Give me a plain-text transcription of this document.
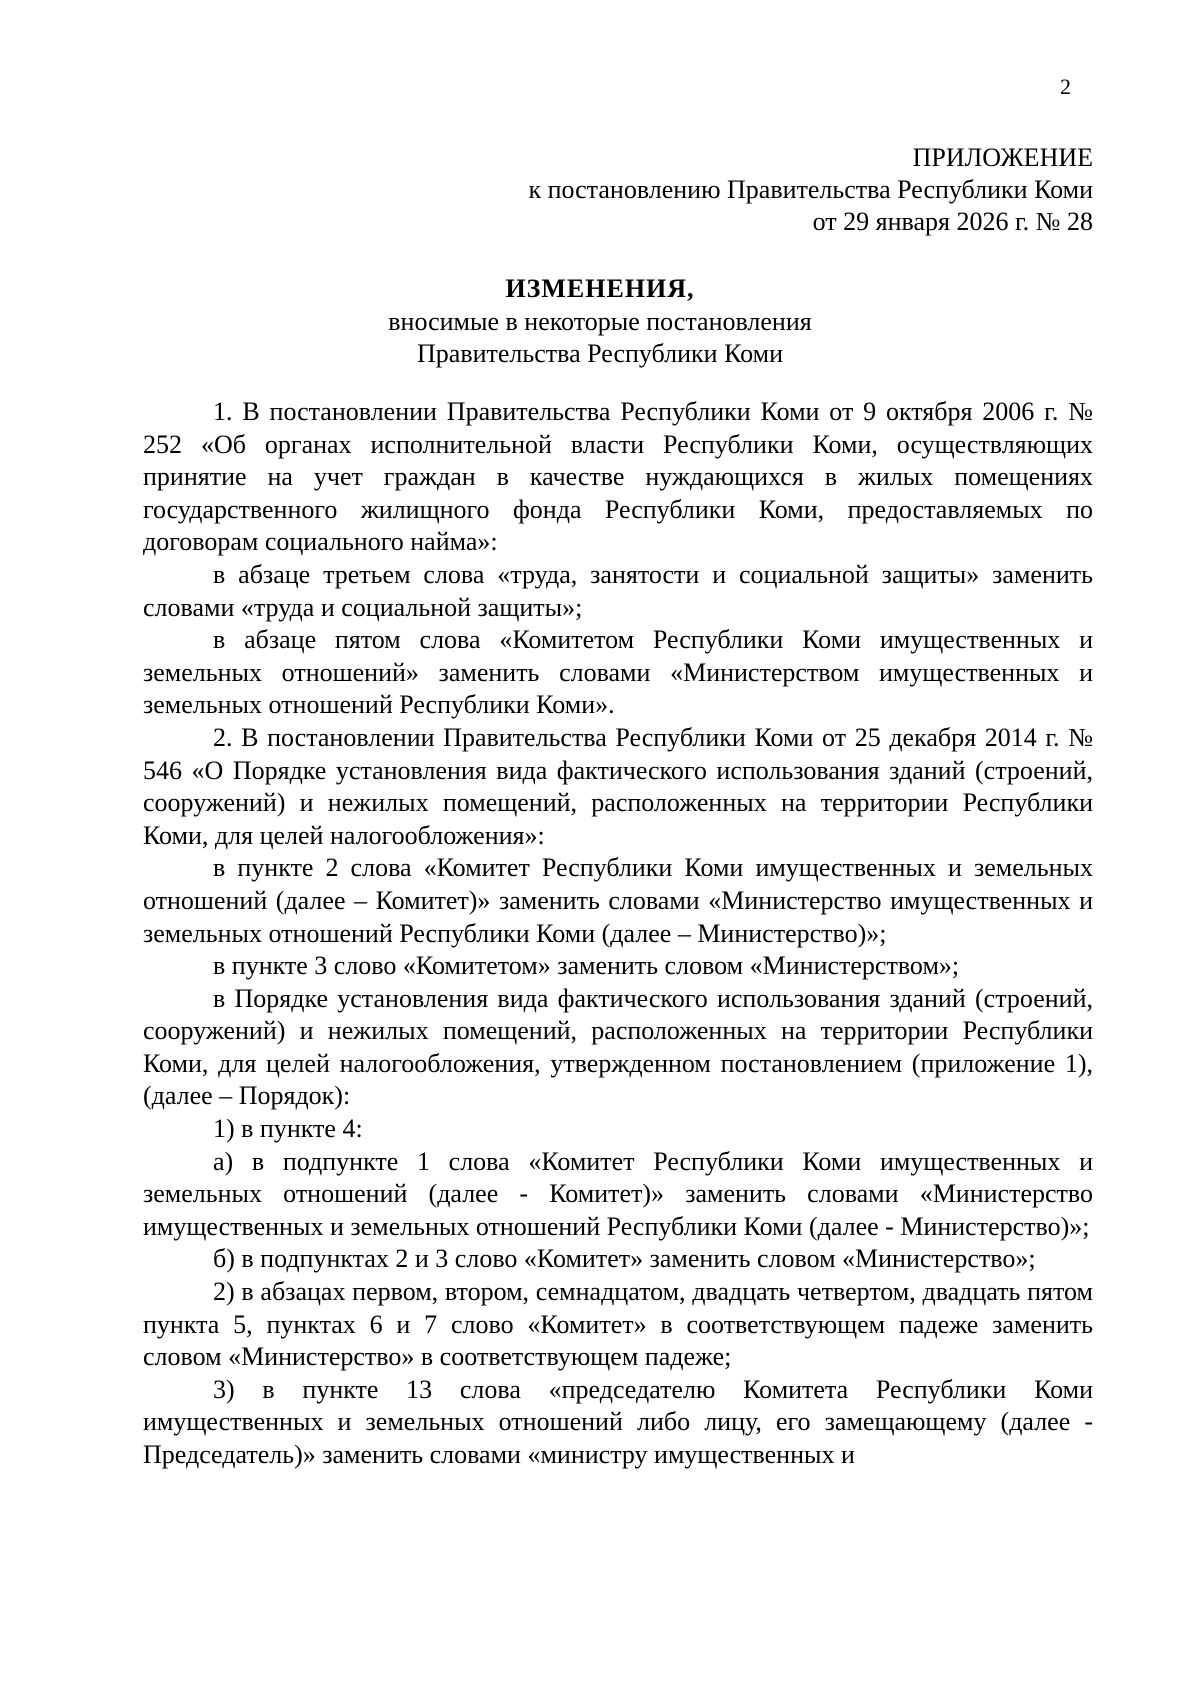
2
ПРИЛОЖЕНИЕ
к постановлению Правительства Республики Коми
от 29 января 2026 г. № 28
ИЗМЕНЕНИЯ,
вносимые в некоторые постановления
Правительства Республики Коми

1. В постановлении Правительства Республики Коми от 9 октября 2006 г. № 252 «Об органах исполнительной власти Республики Коми, осуществляющих принятие на учет граждан в качестве нуждающихся в жилых помещениях государственного жилищного фонда Республики Коми, предоставляемых по договорам социального найма»:

в абзаце третьем слова «труда, занятости и социальной защиты» заменить словами «труда и социальной защиты»;

в абзаце пятом слова «Комитетом Республики Коми имущественных и земельных отношений» заменить словами «Министерством имущественных и земельных отношений Республики Коми».

2. В постановлении Правительства Республики Коми от 25 декабря 2014 г. № 546 «О Порядке установления вида фактического использования зданий (строений, сооружений) и нежилых помещений, расположенных на территории Республики Коми, для целей налогообложения»:

в пункте 2 слова «Комитет Республики Коми имущественных и земельных отношений (далее – Комитет)» заменить словами «Министерство имущественных и земельных отношений Республики Коми (далее – Министерство)»;

в пункте 3 слово «Комитетом» заменить словом «Министерством»;

в Порядке установления вида фактического использования зданий (строений, сооружений) и нежилых помещений, расположенных на территории Республики Коми, для целей налогообложения, утвержденном постановлением (приложение 1), (далее – Порядок):

1) в пункте 4:

а) в подпункте 1 слова «Комитет Республики Коми имущественных и земельных отношений (далее - Комитет)» заменить словами «Министерство имущественных и земельных отношений Республики Коми (далее - Министерство)»;

б) в подпунктах 2 и 3 слово «Комитет» заменить словом «Министерство»;

2) в абзацах первом, втором, семнадцатом, двадцать четвертом, двадцать пятом пункта 5, пунктах 6 и 7 слово «Комитет» в соответствующем падеже заменить словом «Министерство» в соответствующем падеже;

3) в пункте 13 слова «председателю Комитета Республики Коми имущественных и земельных отношений либо лицу, его замещающему (далее - Председатель)» заменить словами «министру имущественных и
